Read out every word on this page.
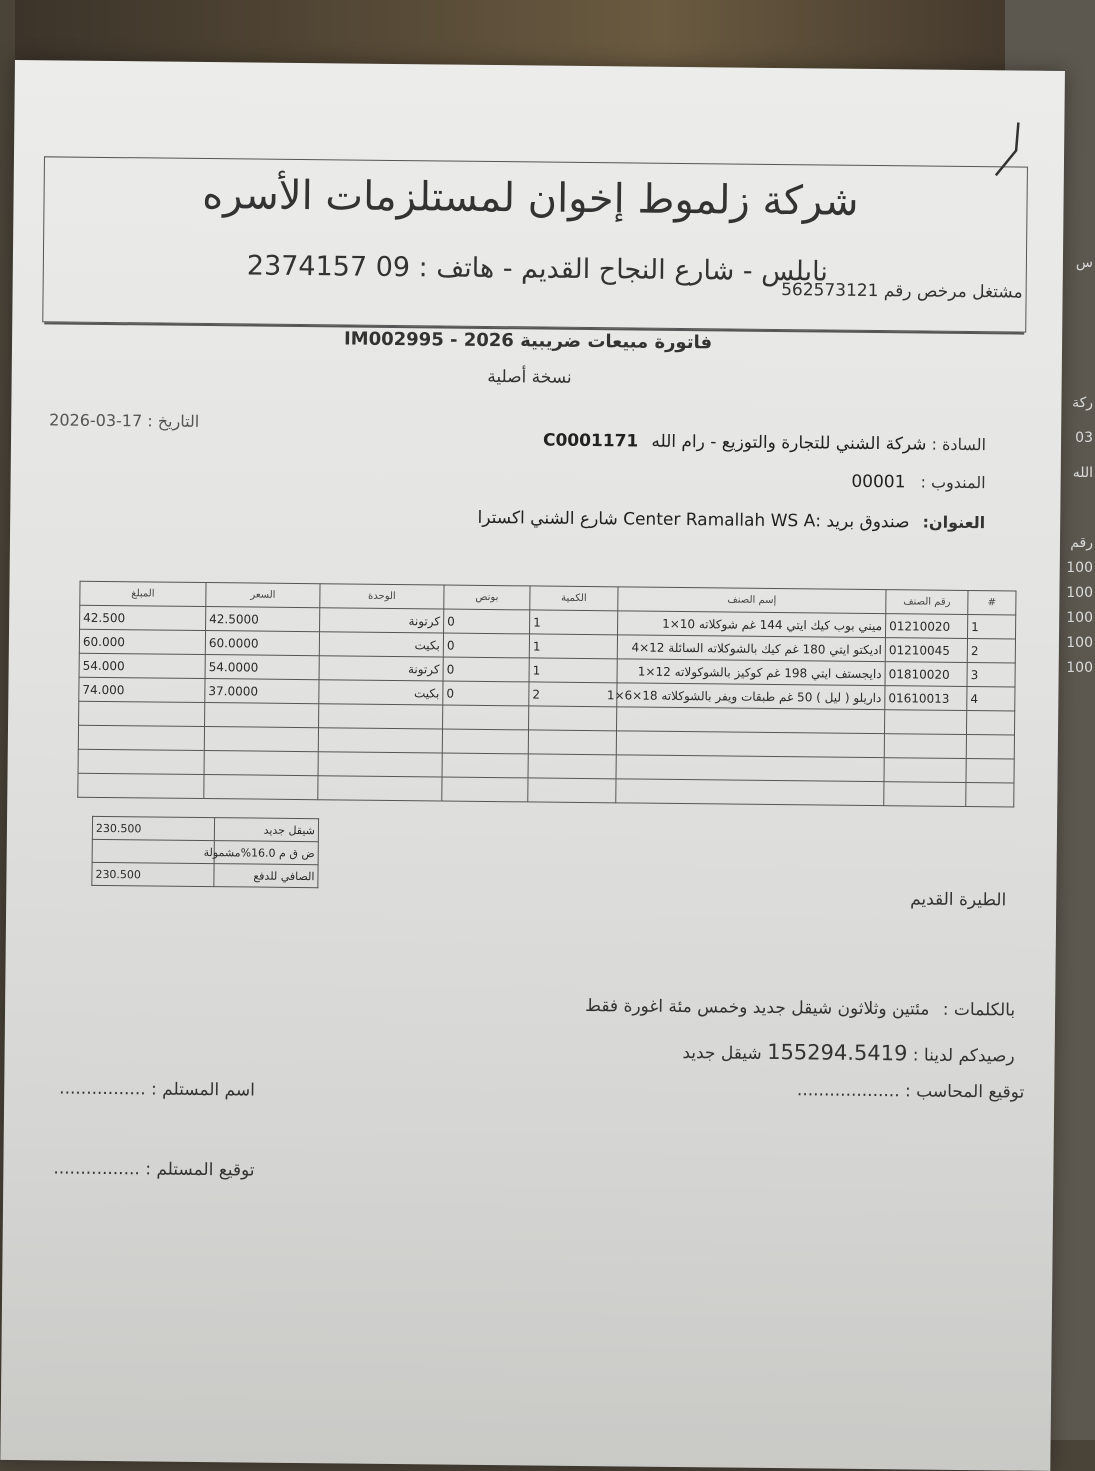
س
ركة
03
الله
رقم
100
100
100
100
100
شركة زلموط إخوان لمستلزمات الأسره
نابلس - شارع النجاح القديم - هاتف : 09 2374157
مشتغل مرخص رقم 562573121
فاتورة مبيعات ضريبية 2026 - IM002995
نسخة أصلية
التاريخ : 2026-03-17
السادة : شركة الشني للتجارة والتوزيع - رام الله C0001171
المندوب : 00001
العنوان: صندوق بريد :Center Ramallah WS A شارع الشني اكسترا
#	رقم الصنف	إسم الصنف	الكمية	بونص	الوحدة	السعر	المبلغ
1	01210020	ميني بوب كيك ايتي 144 غم شوكلاته 10×1	1	0	كرتونة	42.5000	42.500
2	01210045	اديكتو ايتي 180 غم كيك بالشوكلاته السائلة 12×4	1	0	بكيت	60.0000	60.000
3	01810020	دايجستف ايتي 198 غم كوكيز بالشوكولاته 12×1	1	0	كرتونة	54.0000	54.000
4	01610013	داريلو ( ليل ) 50 غم طبقات ويفر بالشوكلاته 18×6×1	2	0	بكيت	37.0000	74.000

شيقل جديد	230.500
ض ق م 16.0%مشمولة	
الصافي للدفع	230.500
الطيرة القديم
بالكلمات : مئتين وثلاثون شيقل جديد وخمس مئة اغورة فقط
رصيدكم لدينا : 155294.5419 شيقل جديد
توقيع المحاسب : ...................
اسم المستلم : ................
توقيع المستلم : ................
